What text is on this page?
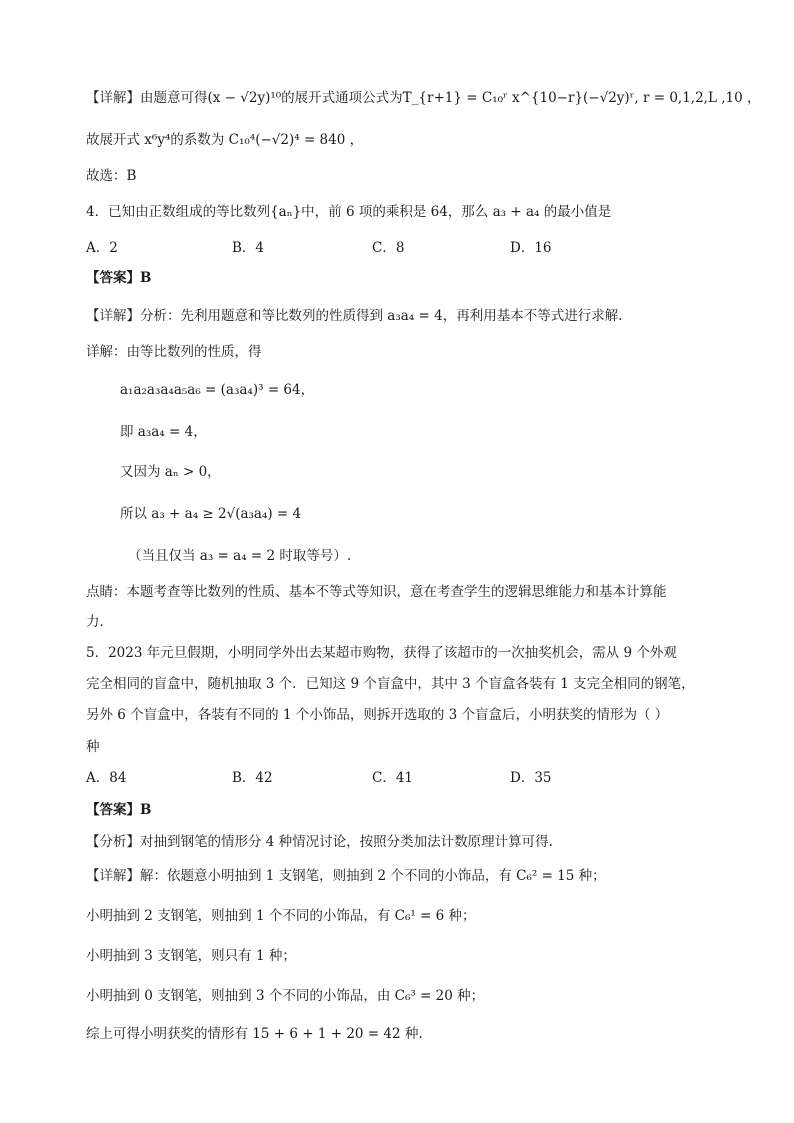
【详解】由题意可得(x − √2y)¹⁰的展开式通项公式为T_{r+1} = C₁₀ʳ x^{10−r}(−√2y)ʳ, r = 0,1,2,L ,10 ，
故展开式 x⁶y⁴的系数为 C₁₀⁴(−√2)⁴ = 840 ，
故选：B
4．已知由正数组成的等比数列{aₙ}中，前 6 项的乘积是 64，那么 a₃ + a₄ 的最小值是
A．2	B．4	C．8	D．16
【答案】B
【详解】分析：先利用题意和等比数列的性质得到 a₃a₄ = 4，再利用基本不等式进行求解．
详解：由等比数列的性质，得
a₁a₂a₃a₄a₅a₆ = (a₃a₄)³ = 64，
即 a₃a₄ = 4，
又因为 aₙ > 0，
所以 a₃ + a₄ ≥ 2√(a₃a₄) = 4
（当且仅当 a₃ = a₄ = 2 时取等号）.
点睛：本题考查等比数列的性质、基本不等式等知识，意在考查学生的逻辑思维能力和基本计算能
力．
5．2023 年元旦假期，小明同学外出去某超市购物，获得了该超市的一次抽奖机会，需从 9 个外观
完全相同的盲盒中，随机抽取 3 个．已知这 9 个盲盒中，其中 3 个盲盒各装有 1 支完全相同的钢笔，
另外 6 个盲盒中，各装有不同的 1 个小饰品，则拆开选取的 3 个盲盒后，小明获奖的情形为（ ）
种
A．84	B．42	C．41	D．35
【答案】B
【分析】对抽到钢笔的情形分 4 种情况讨论，按照分类加法计数原理计算可得.
【详解】解：依题意小明抽到 1 支钢笔，则抽到 2 个不同的小饰品，有 C₆² = 15 种；
小明抽到 2 支钢笔，则抽到 1 个不同的小饰品，有 C₆¹ = 6 种；
小明抽到 3 支钢笔，则只有 1 种；
小明抽到 0 支钢笔，则抽到 3 个不同的小饰品，由 C₆³ = 20 种；
综上可得小明获奖的情形有 15 + 6 + 1 + 20 = 42 种.
